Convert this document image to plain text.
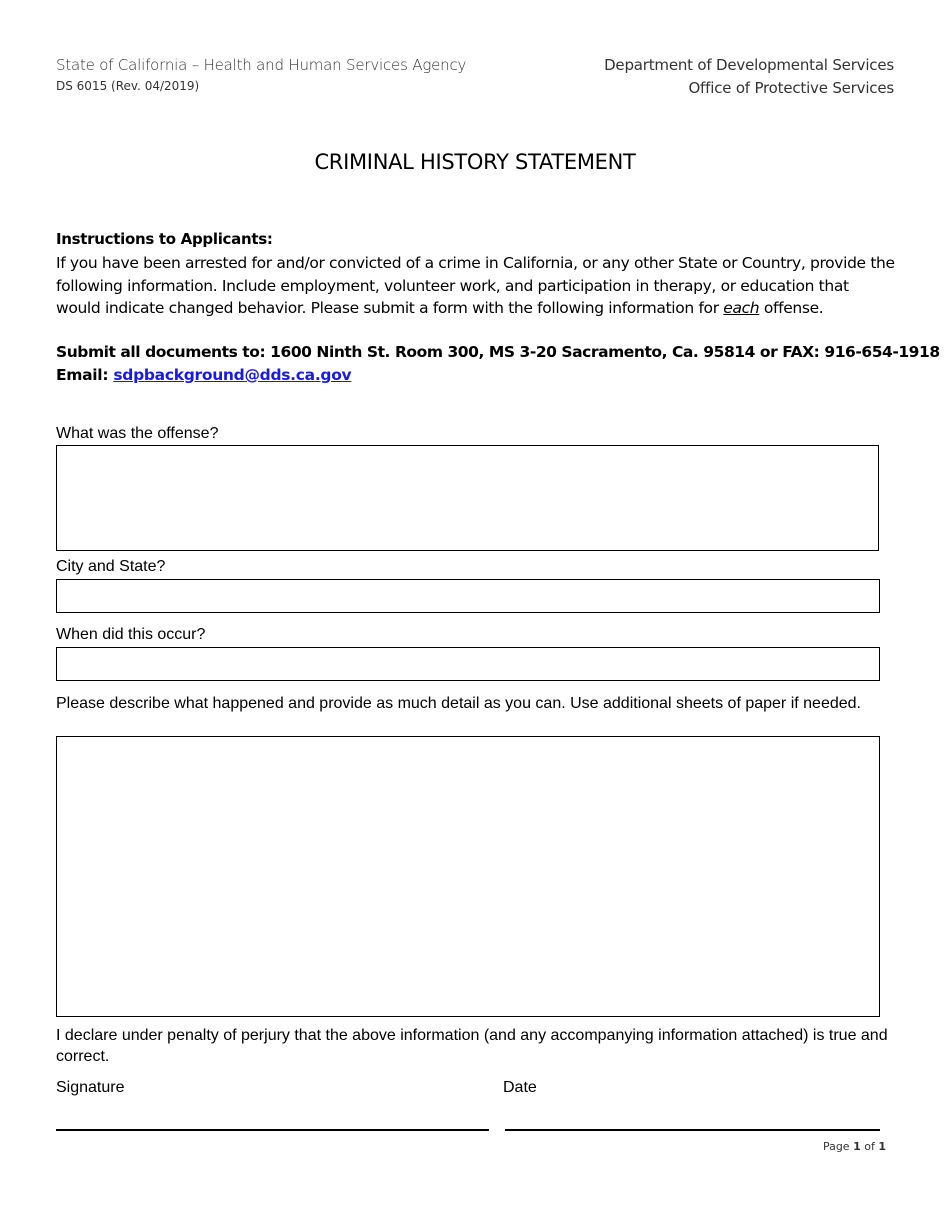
State of California – Health and Human Services Agency
DS 6015 (Rev. 04/2019)
Department of Developmental Services
Office of Protective Services
CRIMINAL HISTORY STATEMENT
Instructions to Applicants:
If you have been arrested for and/or convicted of a crime in California, or any other State or Country, provide the following information. Include employment, volunteer work, and participation in therapy, or education that would indicate changed behavior. Please submit a form with the following information for each offense.
Submit all documents to: 1600 Ninth St. Room 300, MS 3-20 Sacramento, Ca. 95814 or FAX: 916-654-1918
Email: sdpbackground@dds.ca.gov
What was the offense?
City and State?
When did this occur?
Please describe what happened and provide as much detail as you can. Use additional sheets of paper if needed.
I declare under penalty of perjury that the above information (and any accompanying information attached) is true and correct.
Signature	Date
Page 1 of 1
